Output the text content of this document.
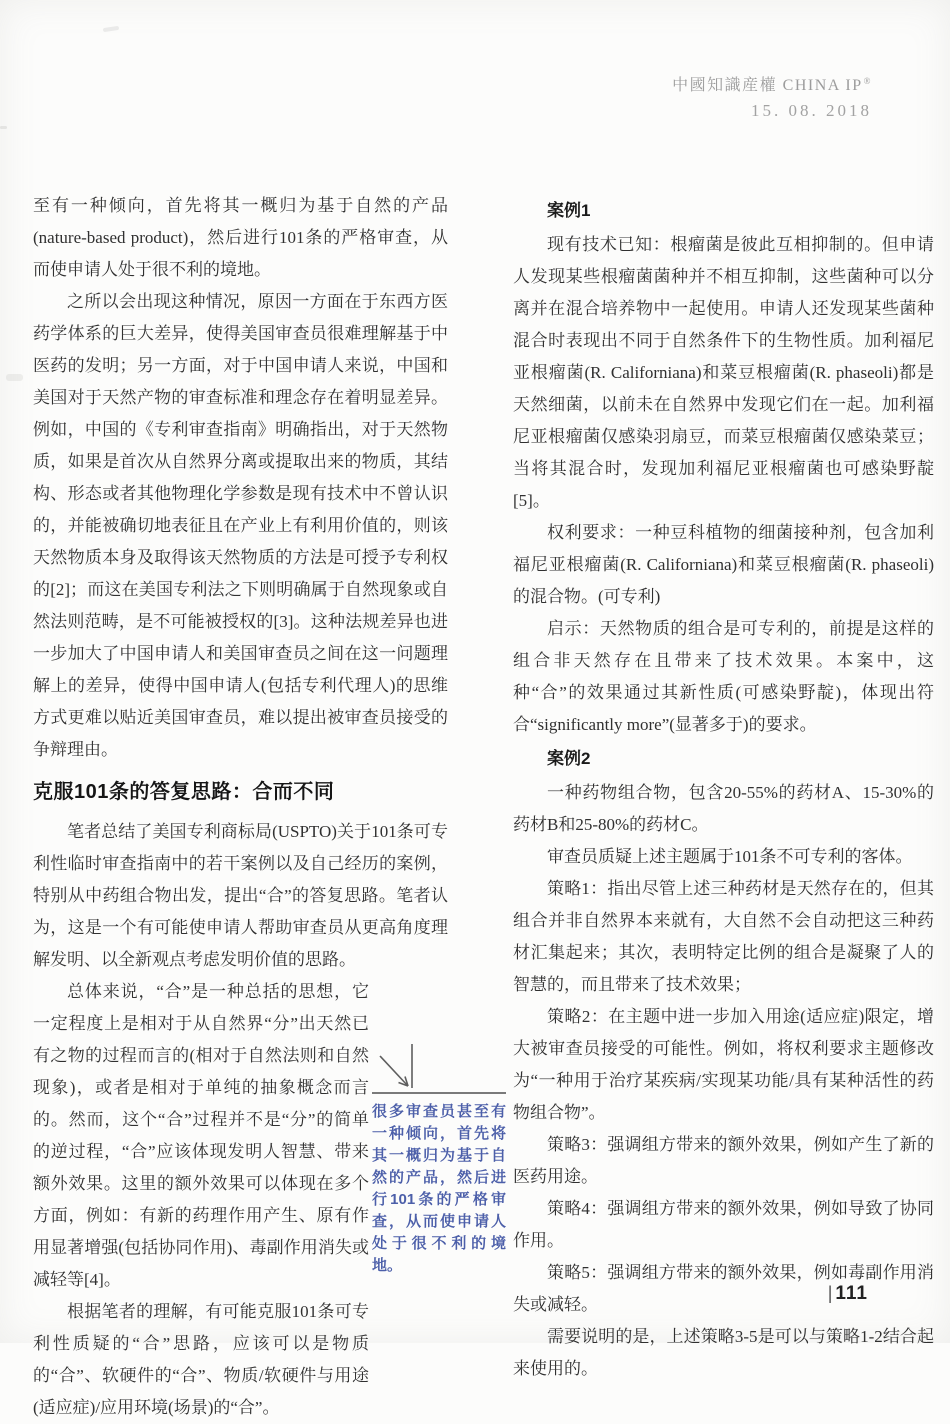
中國知識産權 CHINA IP®
15. 08. 2018

至有一种倾向，首先将其一概归为基于自然的产品(nature-based product)，然后进行101条的严格审查，从而使申请人处于很不利的境地。

之所以会出现这种情况，原因一方面在于东西方医药学体系的巨大差异，使得美国审查员很难理解基于中医药的发明；另一方面，对于中国申请人来说，中国和美国对于天然产物的审查标准和理念存在着明显差异。例如，中国的《专利审查指南》明确指出，对于天然物质，如果是首次从自然界分离或提取出来的物质，其结构、形态或者其他物理化学参数是现有技术中不曾认识的，并能被确切地表征且在产业上有利用价值的，则该天然物质本身及取得该天然物质的方法是可授予专利权的[2]；而这在美国专利法之下则明确属于自然现象或自然法则范畴，是不可能被授权的[3]。这种法规差异也进一步加大了中国申请人和美国审查员之间在这一问题理解上的差异，使得中国申请人(包括专利代理人)的思维方式更难以贴近美国审查员，难以提出被审查员接受的争辩理由。

克服101条的答复思路：合而不同

笔者总结了美国专利商标局(USPTO)关于101条可专利性临时审查指南中的若干案例以及自己经历的案例，特别从中药组合物出发，提出“合”的答复思路。笔者认为，这是一个有可能使申请人帮助审查员从更高角度理解发明、以全新观点考虑发明价值的思路。

总体来说，“合”是一种总括的思想，它一定程度上是相对于从自然界“分”出天然已有之物的过程而言的(相对于自然法则和自然现象)，或者是相对于单纯的抽象概念而言的。然而，这个“合”过程并不是“分”的简单的逆过程，“合”应该体现发明人智慧、带来额外效果。这里的额外效果可以体现在多个方面，例如：有新的药理作用产生、原有作用显著增强(包括协同作用)、毒副作用消失或减轻等[4]。

根据笔者的理解，有可能克服101条可专利性质疑的“合”思路，应该可以是物质的“合”、软硬件的“合”、物质/软硬件与用途(适应症)/应用环境(场景)的“合”。

很多审查员甚至有一种倾向，首先将其一概归为基于自然的产品，然后进行101条的严格审查，从而使申请人处于很不利的境地。

案例1

现有技术已知：根瘤菌是彼此互相抑制的。但申请人发现某些根瘤菌菌种并不相互抑制，这些菌种可以分离并在混合培养物中一起使用。申请人还发现某些菌种混合时表现出不同于自然条件下的生物性质。加利福尼亚根瘤菌(R. Californiana)和菜豆根瘤菌(R. phaseoli)都是天然细菌，以前未在自然界中发现它们在一起。加利福尼亚根瘤菌仅感染羽扇豆，而菜豆根瘤菌仅感染菜豆；当将其混合时，发现加利福尼亚根瘤菌也可感染野靛[5]。

权利要求：一种豆科植物的细菌接种剂，包含加利福尼亚根瘤菌(R. Californiana)和菜豆根瘤菌(R. phaseoli)的混合物。(可专利)

启示：天然物质的组合是可专利的，前提是这样的组合非天然存在且带来了技术效果。本案中，这种“合”的效果通过其新性质(可感染野靛)，体现出符合“significantly more”(显著多于)的要求。

案例2

一种药物组合物，包含20-55%的药材A、15-30%的药材B和25-80%的药材C。

审查员质疑上述主题属于101条不可专利的客体。

策略1：指出尽管上述三种药材是天然存在的，但其组合并非自然界本来就有，大自然不会自动把这三种药材汇集起来；其次，表明特定比例的组合是凝聚了人的智慧的，而且带来了技术效果；

策略2：在主题中进一步加入用途(适应症)限定，增大被审查员接受的可能性。例如，将权利要求主题修改为“一种用于治疗某疾病/实现某功能/具有某种活性的药物组合物”。

策略3：强调组方带来的额外效果，例如产生了新的医药用途。

策略4：强调组方带来的额外效果，例如导致了协同作用。

策略5：强调组方带来的额外效果，例如毒副作用消失或减轻。

需要说明的是，上述策略3-5是可以与策略1-2结合起来使用的。

| 111
